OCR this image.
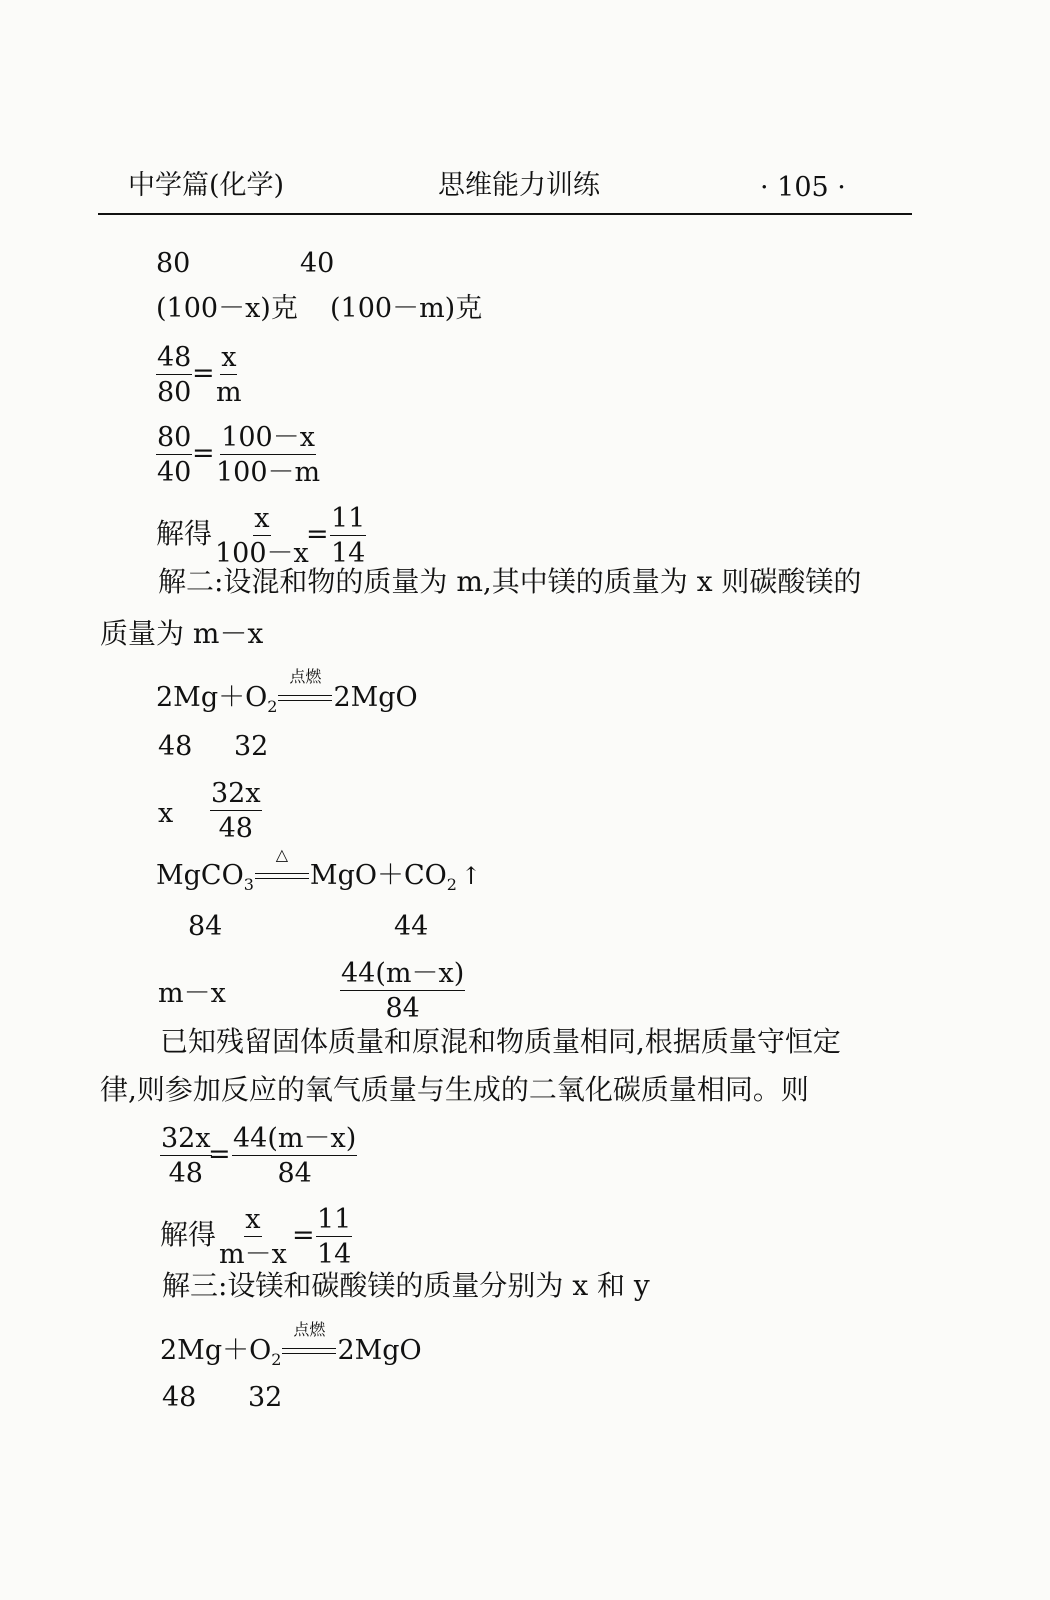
中学篇(化学)	思维能力训练	· 105 ·
80	40
(100－x)克 (100－m)克
$\frac{48}{80} = \frac{x}{m}$
$\frac{80}{40} = \frac{100-x}{100-m}$
解得 $\frac{x}{100-x}$
= $\frac{11}{14}$
解二:设混和物的质量为 m,其中镁的质量为 x 则碳酸镁的
质量为 m－x
$2Mg+O_2$
点燃
2MgO
48 32
x $\frac{32x}{48}$
MgCO$_3$
△
$MgO+CO_2$ ↑
84	44
m－x	$\frac{44(m-x)}{84}$
已知残留固体质量和原混和物质量相同,根据质量守恒定
律,则参加反应的氧气质量与生成的二氧化碳质量相同。则
$\frac{32x}{48}$
= $\frac{44(m-x)}{84}$
解得 $\frac{x}{m-x} = \frac{11}{14}$
解三:设镁和碳酸镁的质量分别为 x 和 y
$2Mg+O_2$
点燃
2MgO
48 32
